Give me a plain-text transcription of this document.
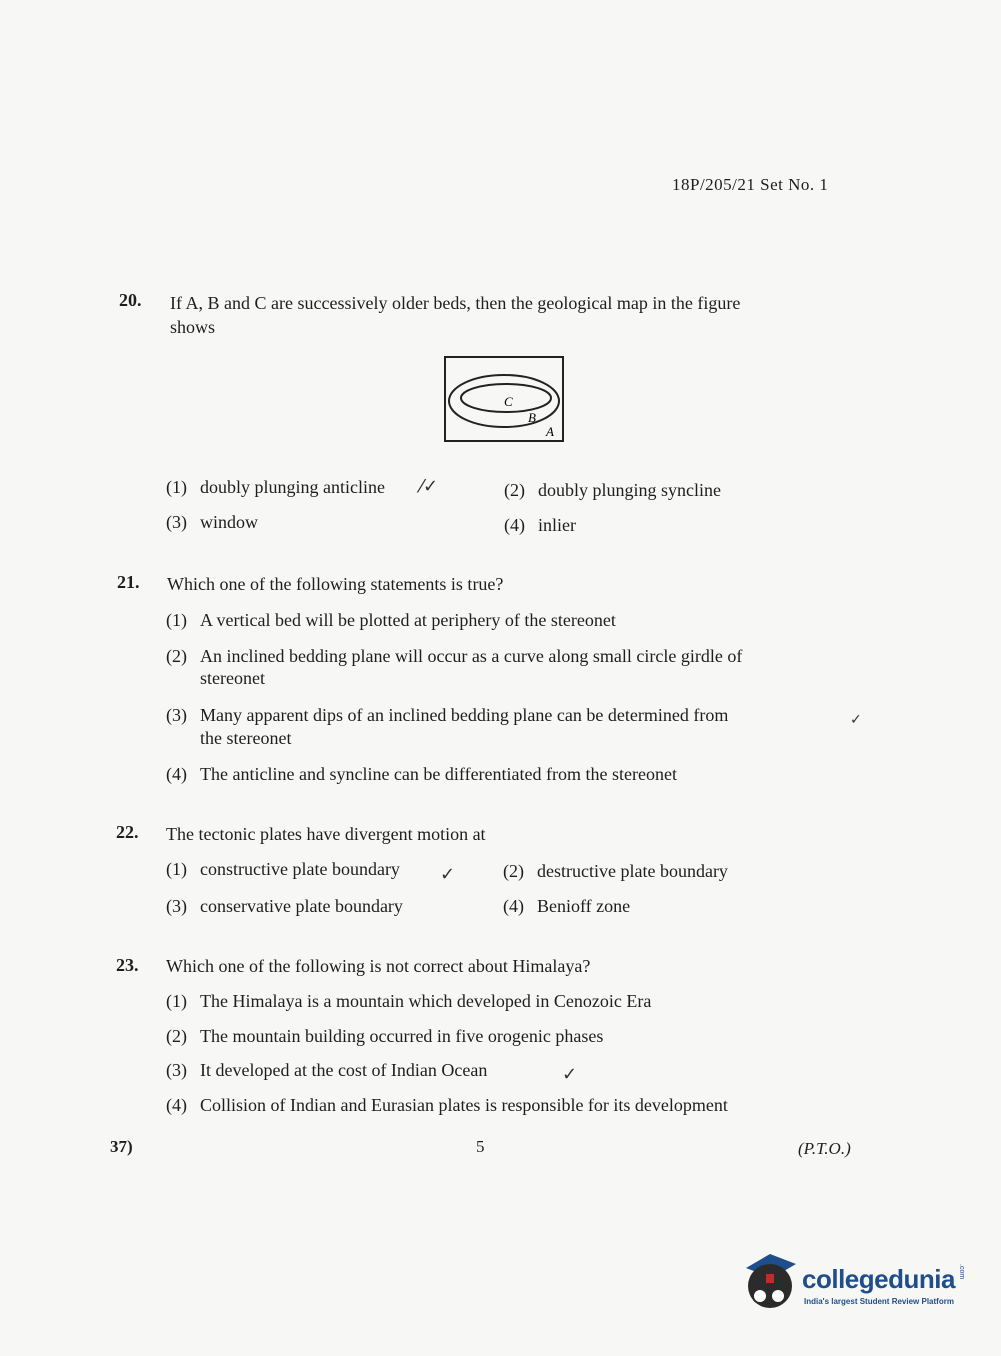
18P/205/21 Set No. 1
20. If A, B and C are successively older beds, then the geological map in the figure
shows
C
B
A
(1) doubly plunging anticline ⁄✓	(2) doubly plunging syncline
(3) window	(4) inlier
21. Which one of the following statements is true?
(1) A vertical bed will be plotted at periphery of the stereonet
(2) An inclined bedding plane will occur as a curve along small circle girdle of
stereonet
(3) Many apparent dips of an inclined bedding plane can be determined from	✓
the stereonet
(4) The anticline and syncline can be differentiated from the stereonet
22. The tectonic plates have divergent motion at
(1) constructive plate boundary ✓	(2) destructive plate boundary
(3) conservative plate boundary	(4) Benioff zone
23. Which one of the following is not correct about Himalaya?
(1) The Himalaya is a mountain which developed in Cenozoic Era
(2) The mountain building occurred in five orogenic phases
(3) It developed at the cost of Indian Ocean	✓
(4) Collision of Indian and Eurasian plates is responsible for its development
37)	5	(P.T.O.)
collegedunia .com
India's largest Student Review Platform
